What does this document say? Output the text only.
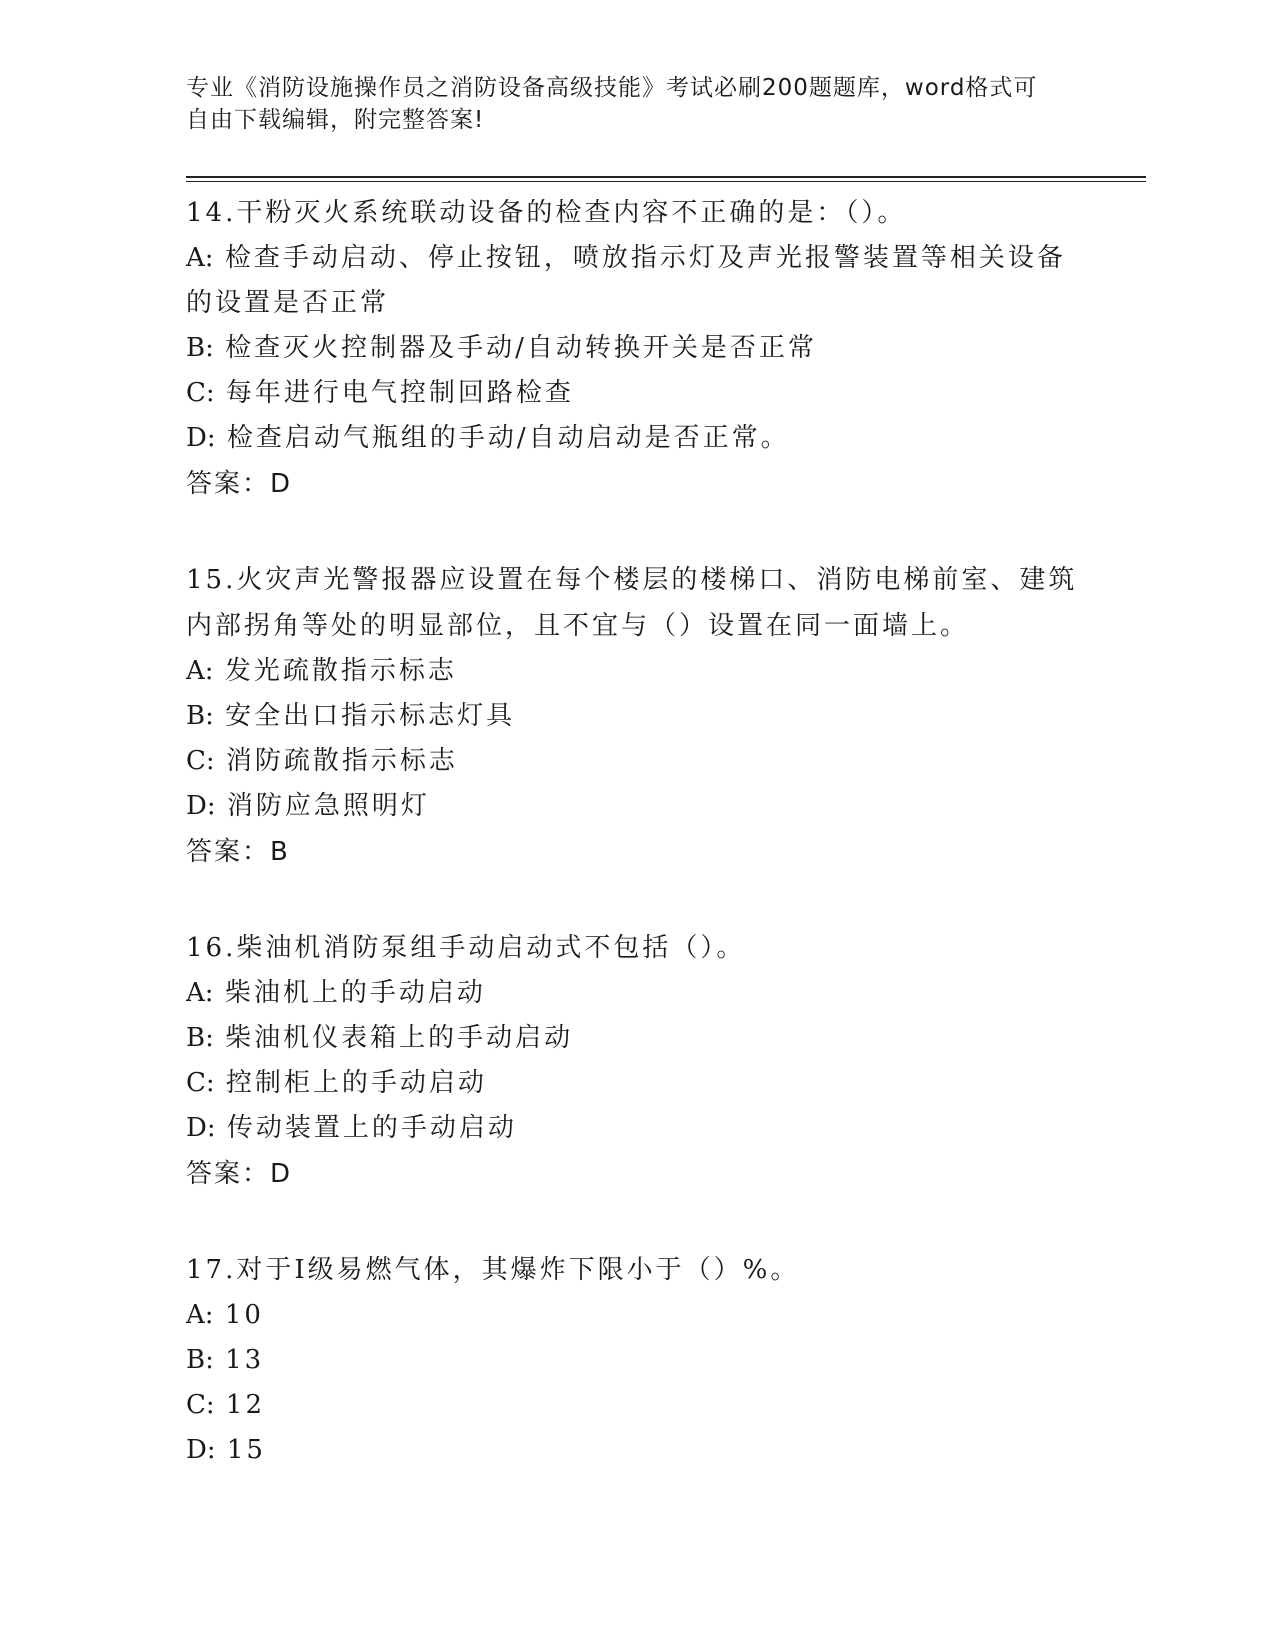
专业《消防设施操作员之消防设备高级技能》考试必刷200题题库，word格式可
自由下载编辑，附完整答案!
14.干粉灭火系统联动设备的检查内容不正确的是：（）。
A: 检查手动启动、停止按钮，喷放指示灯及声光报警装置等相关设备
的设置是否正常
B: 检查灭火控制器及手动/自动转换开关是否正常
C: 每年进行电气控制回路检查
D: 检查启动气瓶组的手动/自动启动是否正常。
答案：D
15.火灾声光警报器应设置在每个楼层的楼梯口、消防电梯前室、建筑
内部拐角等处的明显部位，且不宜与（）设置在同一面墙上。
A: 发光疏散指示标志
B: 安全出口指示标志灯具
C: 消防疏散指示标志
D: 消防应急照明灯
答案：B
16.柴油机消防泵组手动启动式不包括（）。
A: 柴油机上的手动启动
B: 柴油机仪表箱上的手动启动
C: 控制柜上的手动启动
D: 传动装置上的手动启动
答案：D
17.对于Ⅰ级易燃气体，其爆炸下限小于（）%。
A: 10
B: 13
C: 12
D: 15
